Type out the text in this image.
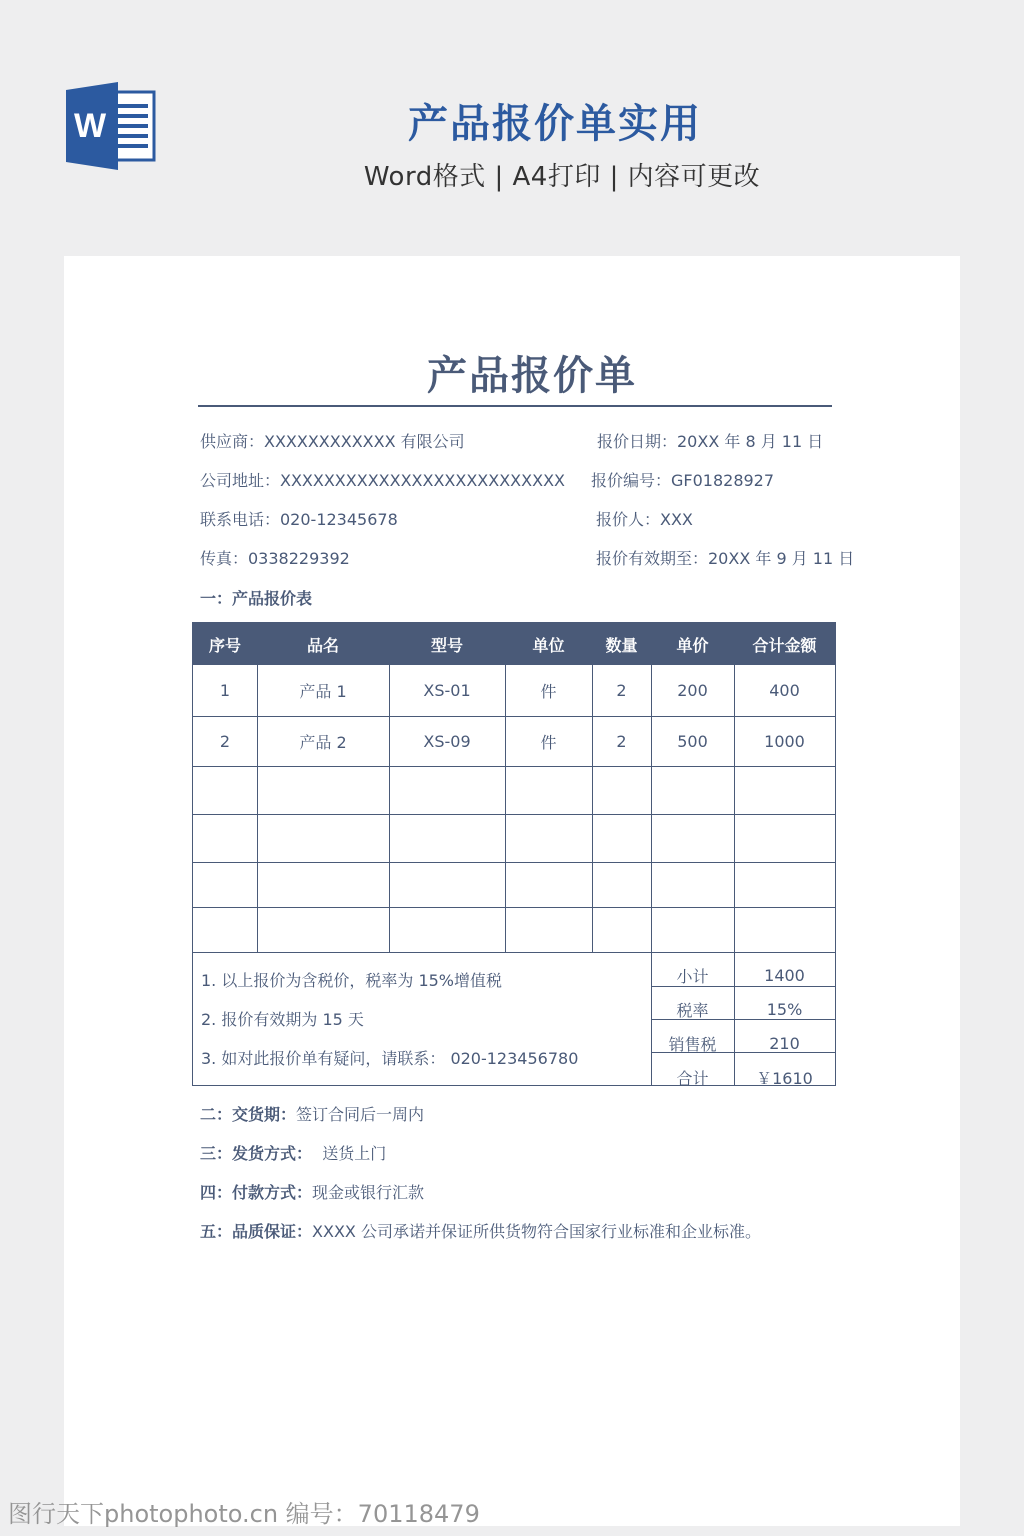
W	产品报价单实用
Word格式 | A4打印 | 内容可更改
产品报价单
供应商：XXXXXXXXXXXX 有限公司
公司地址：XXXXXXXXXXXXXXXXXXXXXXXXXX
联系电话：020-12345678
传真：0338229392
报价日期：20XX 年 8 月 11 日
报价编号：GF01828927
报价人：XXX
报价有效期至：20XX 年 9 月 11 日
一：产品报价表
序号	品名	型号	单位	数量	单价	合计金额
1	产品 1	XS-01	件	2	200	400
2	产品 2	XS-09	件	2	500	1000
1. 以上报价为含税价，税率为 15%增值税
2. 报价有效期为 15 天
3. 如对此报价单有疑问，请联系： 020-123456780
小计	1400
税率	15%
销售税	210
合计	￥1610
二：交货期：签订合同后一周内
三：发货方式：  送货上门
四：付款方式：现金或银行汇款
五：品质保证：XXXX 公司承诺并保证所供货物符合国家行业标准和企业标准。
图行天下photophoto.cn 编号：70118479
